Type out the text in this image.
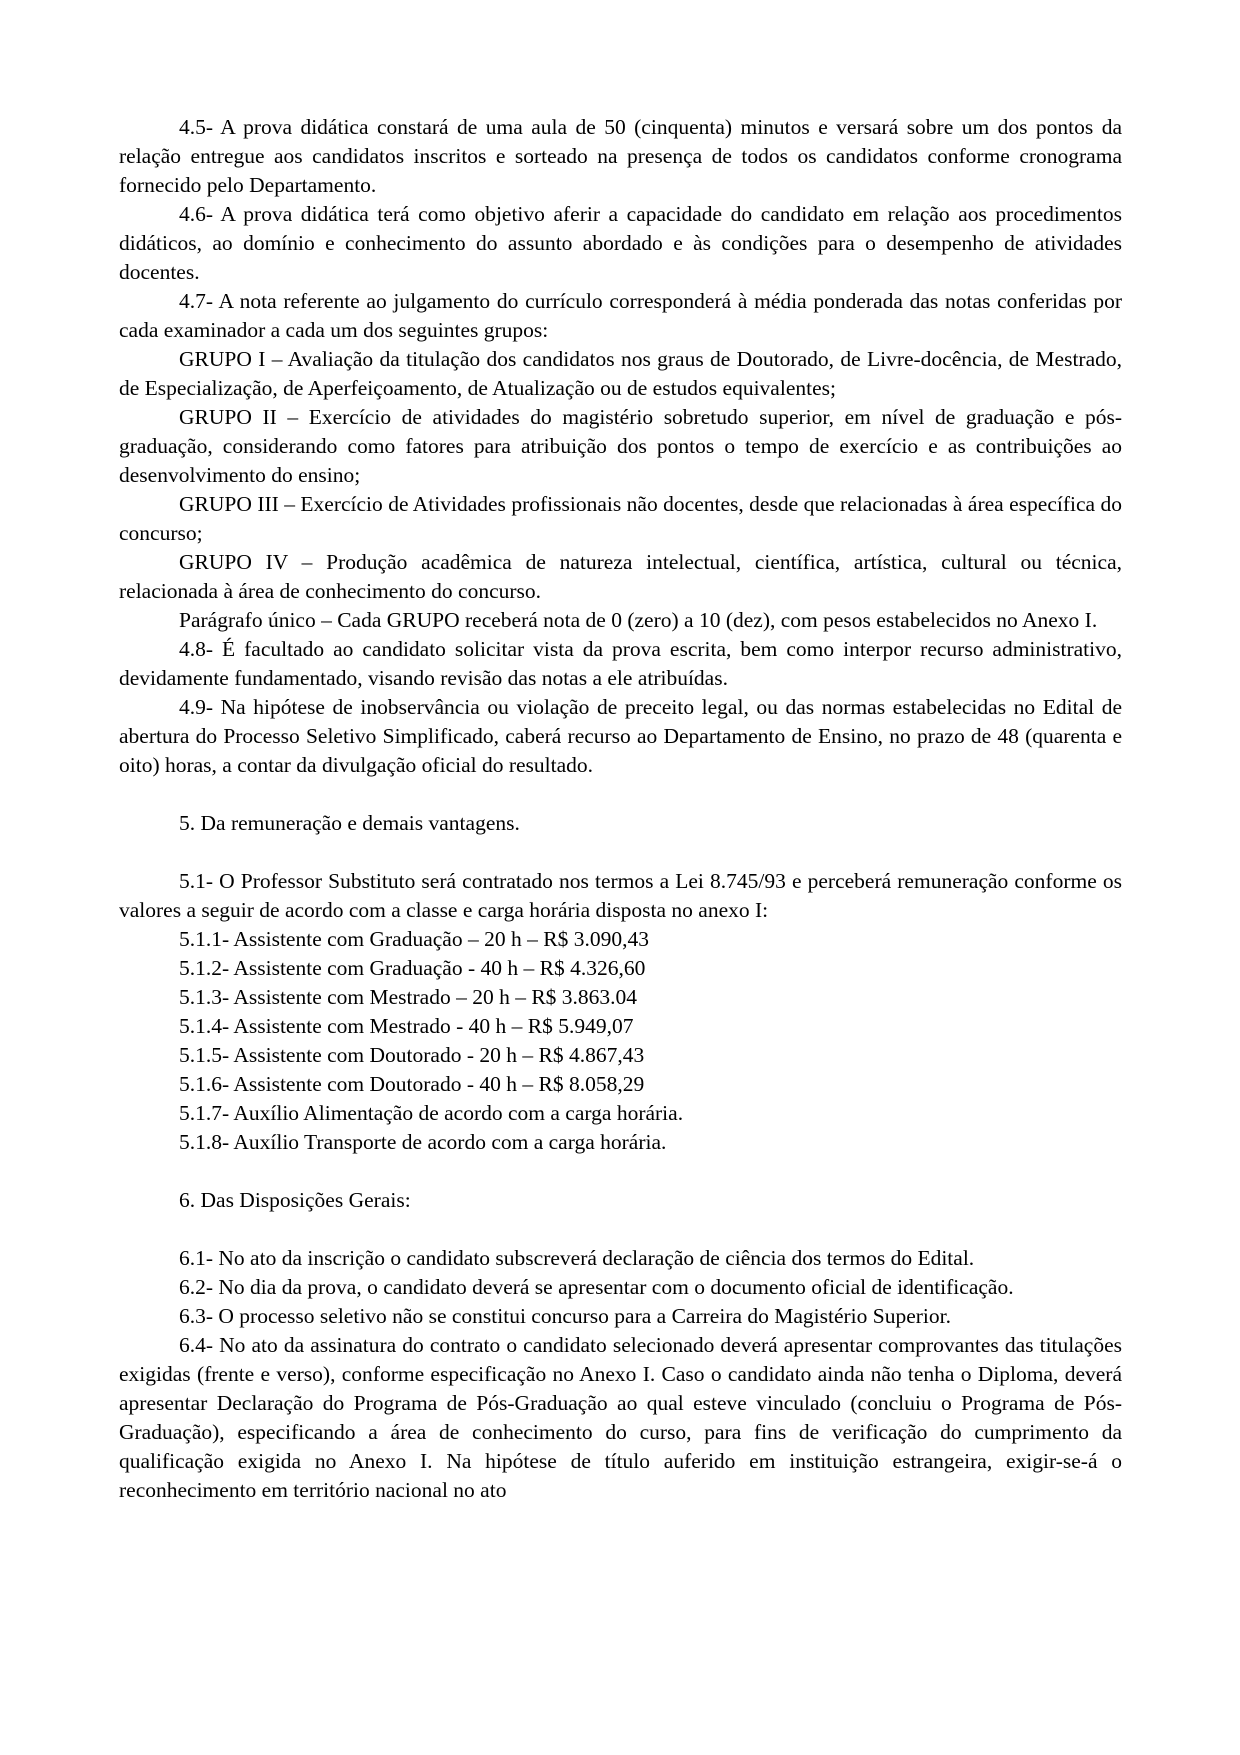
4.5- A prova didática constará de uma aula de 50 (cinquenta) minutos e versará sobre um dos pontos da relação entregue aos candidatos inscritos e sorteado na presença de todos os candidatos conforme cronograma fornecido pelo Departamento.

4.6- A prova didática terá como objetivo aferir a capacidade do candidato em relação aos procedimentos didáticos, ao domínio e conhecimento do assunto abordado e às condições para o desempenho de atividades docentes.

4.7- A nota referente ao julgamento do currículo corresponderá à média ponderada das notas conferidas por cada examinador a cada um dos seguintes grupos:

GRUPO I – Avaliação da titulação dos candidatos nos graus de Doutorado, de Livre-docência, de Mestrado, de Especialização, de Aperfeiçoamento, de Atualização ou de estudos equivalentes;

GRUPO II – Exercício de atividades do magistério sobretudo superior, em nível de graduação e pós-graduação, considerando como fatores para atribuição dos pontos o tempo de exercício e as contribuições ao desenvolvimento do ensino;

GRUPO III – Exercício de Atividades profissionais não docentes, desde que relacionadas à área específica do concurso;

GRUPO IV – Produção acadêmica de natureza intelectual, científica, artística, cultural ou técnica, relacionada à área de conhecimento do concurso.

Parágrafo único – Cada GRUPO receberá nota de 0 (zero) a 10 (dez), com pesos estabelecidos no Anexo I.

4.8- É facultado ao candidato solicitar vista da prova escrita, bem como interpor recurso administrativo, devidamente fundamentado, visando revisão das notas a ele atribuídas.

4.9- Na hipótese de inobservância ou violação de preceito legal, ou das normas estabelecidas no Edital de abertura do Processo Seletivo Simplificado, caberá recurso ao Departamento de Ensino, no prazo de 48 (quarenta e oito) horas, a contar da divulgação oficial do resultado.

5. Da remuneração e demais vantagens.

5.1- O Professor Substituto será contratado nos termos a Lei 8.745/93 e perceberá remuneração conforme os valores a seguir de acordo com a classe e carga horária disposta no anexo I:

5.1.1- Assistente com Graduação – 20 h – R$ 3.090,43
5.1.2- Assistente com Graduação - 40 h – R$ 4.326,60
5.1.3- Assistente com Mestrado – 20 h – R$ 3.863.04
5.1.4- Assistente com Mestrado - 40 h – R$ 5.949,07
5.1.5- Assistente com Doutorado - 20 h – R$ 4.867,43
5.1.6- Assistente com Doutorado - 40 h – R$ 8.058,29
5.1.7- Auxílio Alimentação de acordo com a carga horária.
5.1.8- Auxílio Transporte de acordo com a carga horária.

6. Das Disposições Gerais:

6.1- No ato da inscrição o candidato subscreverá declaração de ciência dos termos do Edital.

6.2- No dia da prova, o candidato deverá se apresentar com o documento oficial de identificação.

6.3- O processo seletivo não se constitui concurso para a Carreira do Magistério Superior.

6.4- No ato da assinatura do contrato o candidato selecionado deverá apresentar comprovantes das titulações exigidas (frente e verso), conforme especificação no Anexo I. Caso o candidato ainda não tenha o Diploma, deverá apresentar Declaração do Programa de Pós-Graduação ao qual esteve vinculado (concluiu o Programa de Pós-Graduação), especificando a área de conhecimento do curso, para fins de verificação do cumprimento da qualificação exigida no Anexo I. Na hipótese de título auferido em instituição estrangeira, exigir-se-á o reconhecimento em território nacional no ato
